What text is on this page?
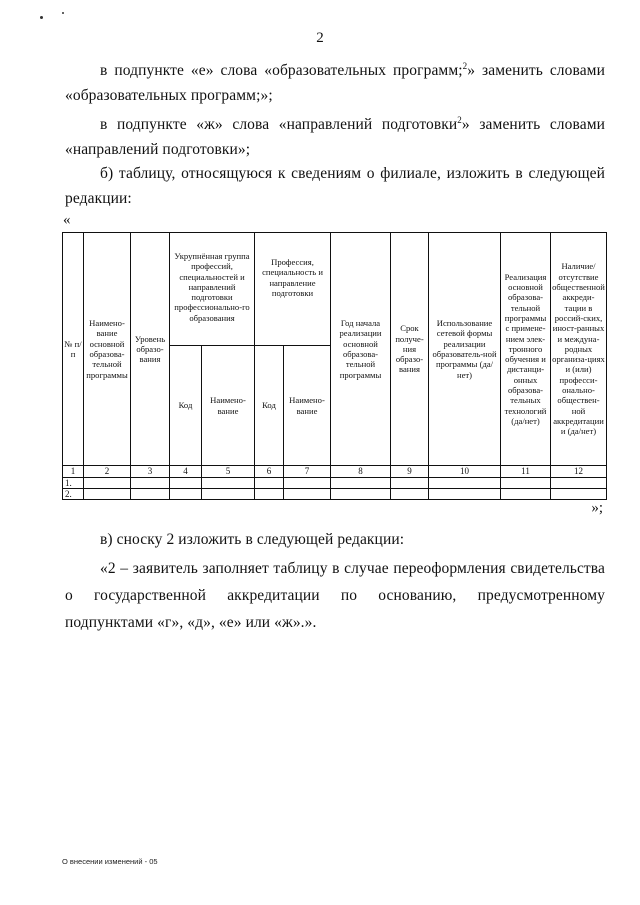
2
в подпункте «е» слова «образовательных программ;$^2$» заменить словами «образовательных программ;»;
в подпункте «ж» слова «направлений подготовки$^2$» заменить словами «направлений подготовки»;
б) таблицу, относящуюся к сведениям о филиале, изложить в следующей редакции:
«
№ п/п	Наимено-вание основной образова-тельной программы	Уровень образо-вания	Укрупнённая группа профессий, специальностей и направлений подготовки профессионально-го образования		Профессия, специальность и направление подготовки		Год начала реализации основной образова-тельной программы	Срок получе-ния образо-вания	Использование сетевой формы реализации образователь-ной программы (да/нет)	Реализация основной образова-тельной программы с примене-нием элек-тронного обучения и дистанци-онных образова-тельных технологий (да/нет)	Наличие/ отсутствие общественной аккреди-тации в россий-ских, иност-ранных и междуна-родных организа-циях и (или) професси-онально-обществен-ной аккредитации и (да/нет)
			Код	Наимено-вание	Код	Наимено-вание					
1	2	3	4	5	6	7	8	9	10	11	12
1.											
2.											
»;
в) сноску 2 изложить в следующей редакции:
«2 – заявитель заполняет таблицу в случае переоформления свидетельства о государственной аккредитации по основанию, предусмотренному подпунктами «г», «д», «е» или «ж».».
О внесении изменений - 05
